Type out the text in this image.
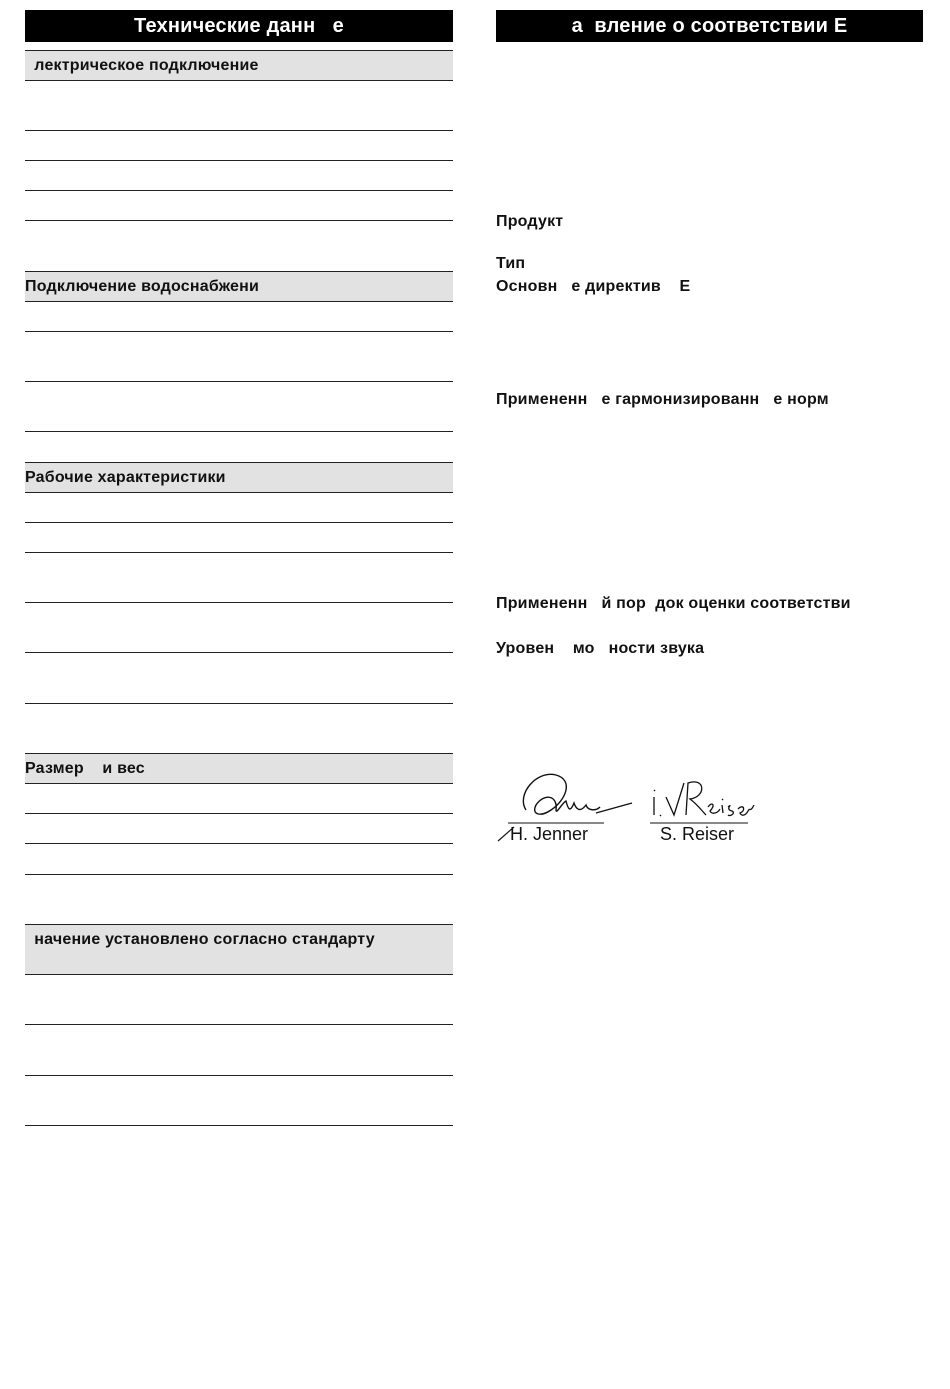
Технические данн   е
лектрическое подключение
Подключение водоснабжени
Рабочие характеристики
Размер    и вес
начение установлено согласно стандарту
а  вление о соответствии Е
Продукт
Тип
Основн   е директив    Е
Примененн   е гармонизированн   е норм
Примененн   й пор  док оценки соответстви
Уровен    мо   ности звука
H. Jenner	S. Reiser
